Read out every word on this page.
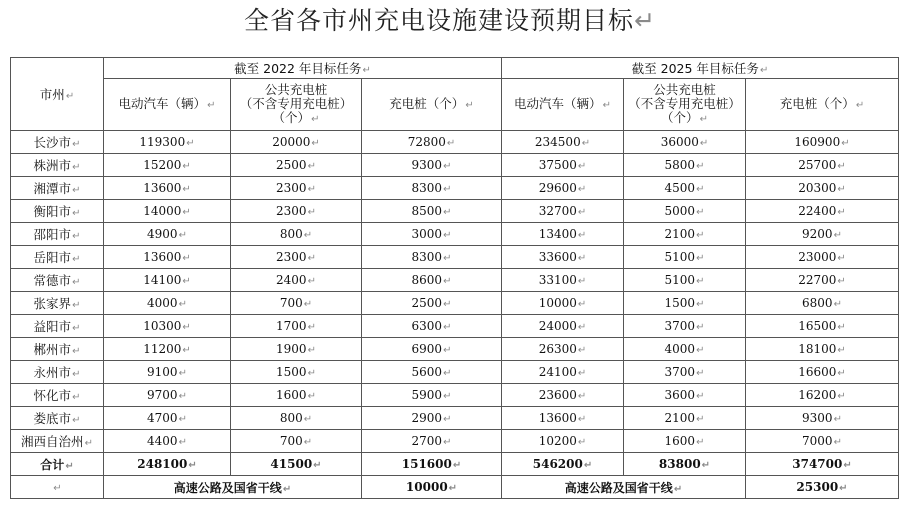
全省各市州充电设施建设预期目标↵
市州↵	截至 2022 年目标任务↵			截至 2025 年目标任务↵		
	电动汽车（辆）↵	公共充电桩
（不含专用充电桩）
（个）↵	充电桩（个）↵	电动汽车（辆）↵	公共充电桩
（不含专用充电桩）
（个）↵	充电桩（个）↵
长沙市↵	119300↵	20000↵	72800↵	234500↵	36000↵	160900↵
株洲市↵	15200↵	2500↵	9300↵	37500↵	5800↵	25700↵
湘潭市↵	13600↵	2300↵	8300↵	29600↵	4500↵	20300↵
衡阳市↵	14000↵	2300↵	8500↵	32700↵	5000↵	22400↵
邵阳市↵	4900↵	800↵	3000↵	13400↵	2100↵	9200↵
岳阳市↵	13600↵	2300↵	8300↵	33600↵	5100↵	23000↵
常德市↵	14100↵	2400↵	8600↵	33100↵	5100↵	22700↵
张家界↵	4000↵	700↵	2500↵	10000↵	1500↵	6800↵
益阳市↵	10300↵	1700↵	6300↵	24000↵	3700↵	16500↵
郴州市↵	11200↵	1900↵	6900↵	26300↵	4000↵	18100↵
永州市↵	9100↵	1500↵	5600↵	24100↵	3700↵	16600↵
怀化市↵	9700↵	1600↵	5900↵	23600↵	3600↵	16200↵
娄底市↵	4700↵	800↵	2900↵	13600↵	2100↵	9300↵
湘西自治州↵	4400↵	700↵	2700↵	10200↵	1600↵	7000↵
合计↵	248100↵	41500↵	151600↵	546200↵	83800↵	374700↵
↵	高速公路及国省干线↵		10000↵	高速公路及国省干线↵		25300↵
